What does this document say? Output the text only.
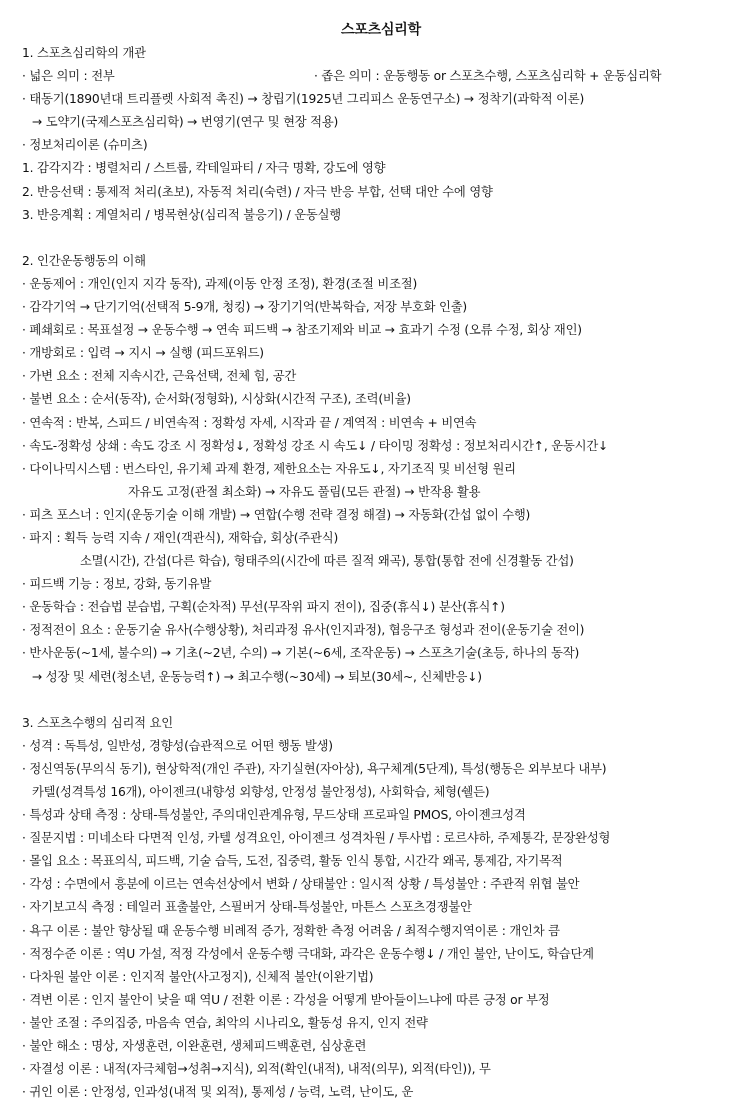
스포츠심리학
1. 스포츠심리학의 개관
· 넓은 의미 : 전부	· 좁은 의미 : 운동행동 or 스포츠수행, 스포츠심리학 + 운동심리학
· 태동기(1890년대 트리플렛 사회적 촉진) → 창립기(1925년 그리피스 운동연구소) → 정착기(과학적 이론)
→ 도약기(국제스포츠심리학) → 번영기(연구 및 현장 적용)
· 정보처리이론 (슈미츠)
1. 감각지각 : 병렬처리 / 스트룹, 칵테일파티 / 자극 명확, 강도에 영향
2. 반응선택 : 통제적 처리(초보), 자동적 처리(숙련) / 자극 반응 부합, 선택 대안 수에 영향
3. 반응계획 : 계열처리 / 병목현상(심리적 불응기) / 운동실행
2. 인간운동행동의 이해
· 운동제어 : 개인(인지 지각 동작), 과제(이동 안정 조정), 환경(조절 비조절)
· 감각기억 → 단기기억(선택적 5-9개, 청킹) → 장기기억(반복학습, 저장 부호화 인출)
· 폐쇄회로 : 목표설정 → 운동수행 → 연속 피드백 → 참조기제와 비교 → 효과기 수정 (오류 수정, 회상 재인)
· 개방회로 : 입력 → 지시 → 실행 (피드포워드)
· 가변 요소 : 전체 지속시간, 근육선택, 전체 힘, 공간
· 불변 요소 : 순서(동작), 순서화(정형화), 시상화(시간적 구조), 조력(비율)
· 연속적 : 반복, 스피드 / 비연속적 : 정확성 자세, 시작과 끝 / 계역적 : 비연속 + 비연속
· 속도-정확성 상쇄 : 속도 강조 시 정확성↓, 정확성 강조 시 속도↓ / 타이밍 정확성 : 정보처리시간↑, 운동시간↓
· 다이나믹시스템 : 번스타인, 유기체 과제 환경, 제한요소는 자유도↓, 자기조직 및 비선형 원리
자유도 고정(관절 최소화) → 자유도 풀림(모든 관절) → 반작용 활용
· 피츠 포스너 : 인지(운동기술 이해 개발) → 연합(수행 전략 결정 해결) → 자동화(간섭 없이 수행)
· 파지 : 획득 능력 지속 / 재인(객관식), 재학습, 회상(주관식)
소멸(시간), 간섭(다른 학습), 형태주의(시간에 따른 질적 왜곡), 통합(통합 전에 신경활동 간섭)
· 피드백 기능 : 정보, 강화, 동기유발
· 운동학습 : 전습법 분습법, 구획(순차적) 무선(무작위 파지 전이), 집중(휴식↓) 분산(휴식↑)
· 정적전이 요소 : 운동기술 유사(수행상황), 처리과정 유사(인지과정), 협응구조 형성과 전이(운동기술 전이)
· 반사운동(~1세, 불수의) → 기초(~2년, 수의) → 기본(~6세, 조작운동) → 스포츠기술(초등, 하나의 동작)
→ 성장 및 세련(청소년, 운동능력↑) → 최고수행(~30세) → 퇴보(30세~, 신체반응↓)
3. 스포츠수행의 심리적 요인
· 성격 : 독특성, 일반성, 경향성(습관적으로 어떤 행동 발생)
· 정신역동(무의식 동기), 현상학적(개인 주관), 자기실현(자아상), 욕구체계(5단계), 특성(행동은 외부보다 내부)
카텔(성격특성 16개), 아이젠크(내향성 외향성, 안정성 불안정성), 사회학습, 체형(쉘든)
· 특성과 상태 측정 : 상태-특성불안, 주의대인관계유형, 무드상태 프로파일 PMOS, 아이젠크성격
· 질문지법 : 미네소타 다면적 인성, 카텔 성격요인, 아이젠크 성격차원 / 투사법 : 로르샤하, 주제통각, 문장완성형
· 몰입 요소 : 목표의식, 피드백, 기술 습득, 도전, 집중력, 활동 인식 통합, 시간각 왜곡, 통제감, 자기목적
· 각성 : 수면에서 흥분에 이르는 연속선상에서 변화 / 상태불안 : 일시적 상황 / 특성불안 : 주관적 위협 불안
· 자기보고식 측정 : 테일러 표출불안, 스필버거 상태-특성불안, 마튼스 스포츠경쟁불안
· 욕구 이론 : 불안 향상될 때 운동수행 비례적 증가, 정확한 측정 어려움 / 최적수행지역이론 : 개인차 큼
· 적정수준 이론 : 역U 가설, 적정 각성에서 운동수행 극대화, 과각은 운동수행↓ / 개인 불안, 난이도, 학습단계
· 다차원 불안 이론 : 인지적 불안(사고정지), 신체적 불안(이완기법)
· 격변 이론 : 인지 불안이 낮을 때 역U / 전환 이론 : 각성을 어떻게 받아들이느냐에 따른 긍정 or 부정
· 불안 조절 : 주의집중, 마음속 연습, 최악의 시나리오, 활동성 유지, 인지 전략
· 불안 해소 : 명상, 자생훈련, 이완훈련, 생체피드백훈련, 심상훈련
· 자결성 이론 : 내적(자극체험→성취→지식), 외적(확인(내적), 내적(의무), 외적(타인)), 무
· 귀인 이론 : 안정성, 인과성(내적 및 외적), 통제성 / 능력, 노력, 난이도, 운
